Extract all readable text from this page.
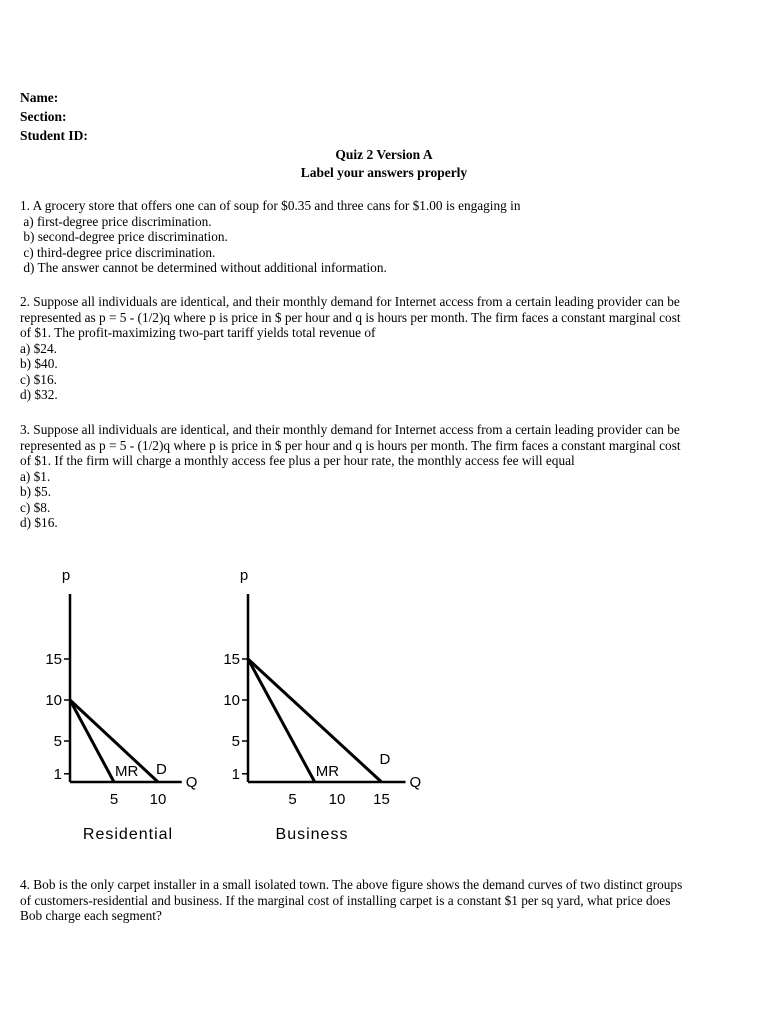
Name:
Section:
Student ID:
Quiz 2 Version A
Label your answers properly
1. A grocery store that offers one can of soup for $0.35 and three cans for $1.00 is engaging in
a) first-degree price discrimination.
b) second-degree price discrimination.
c) third-degree price discrimination.
d) The answer cannot be determined without additional information.
2. Suppose all individuals are identical, and their monthly demand for Internet access from a certain leading provider can be
represented as p = 5 - (1/2)q where p is price in $ per hour and q is hours per month. The firm faces a constant marginal cost
of $1. The profit-maximizing two-part tariff yields total revenue of
a) $24.
b) $40.
c) $16.
d) $32.
3. Suppose all individuals are identical, and their monthly demand for Internet access from a certain leading provider can be
represented as p = 5 - (1/2)q where p is price in $ per hour and q is hours per month. The firm faces a constant marginal cost
of $1. If the firm will charge a monthly access fee plus a per hour rate, the monthly access fee will equal
a) $1.
b) $5.
c) $8.
d) $16.
p
Q
15
10
5
1
5 10
D
MR
Residential
p
Q
15
10
5
1
5 10 15
D
MR
Business
4. Bob is the only carpet installer in a small isolated town. The above figure shows the demand curves of two distinct groups
of customers-residential and business. If the marginal cost of installing carpet is a constant $1 per sq yard, what price does
Bob charge each segment?
